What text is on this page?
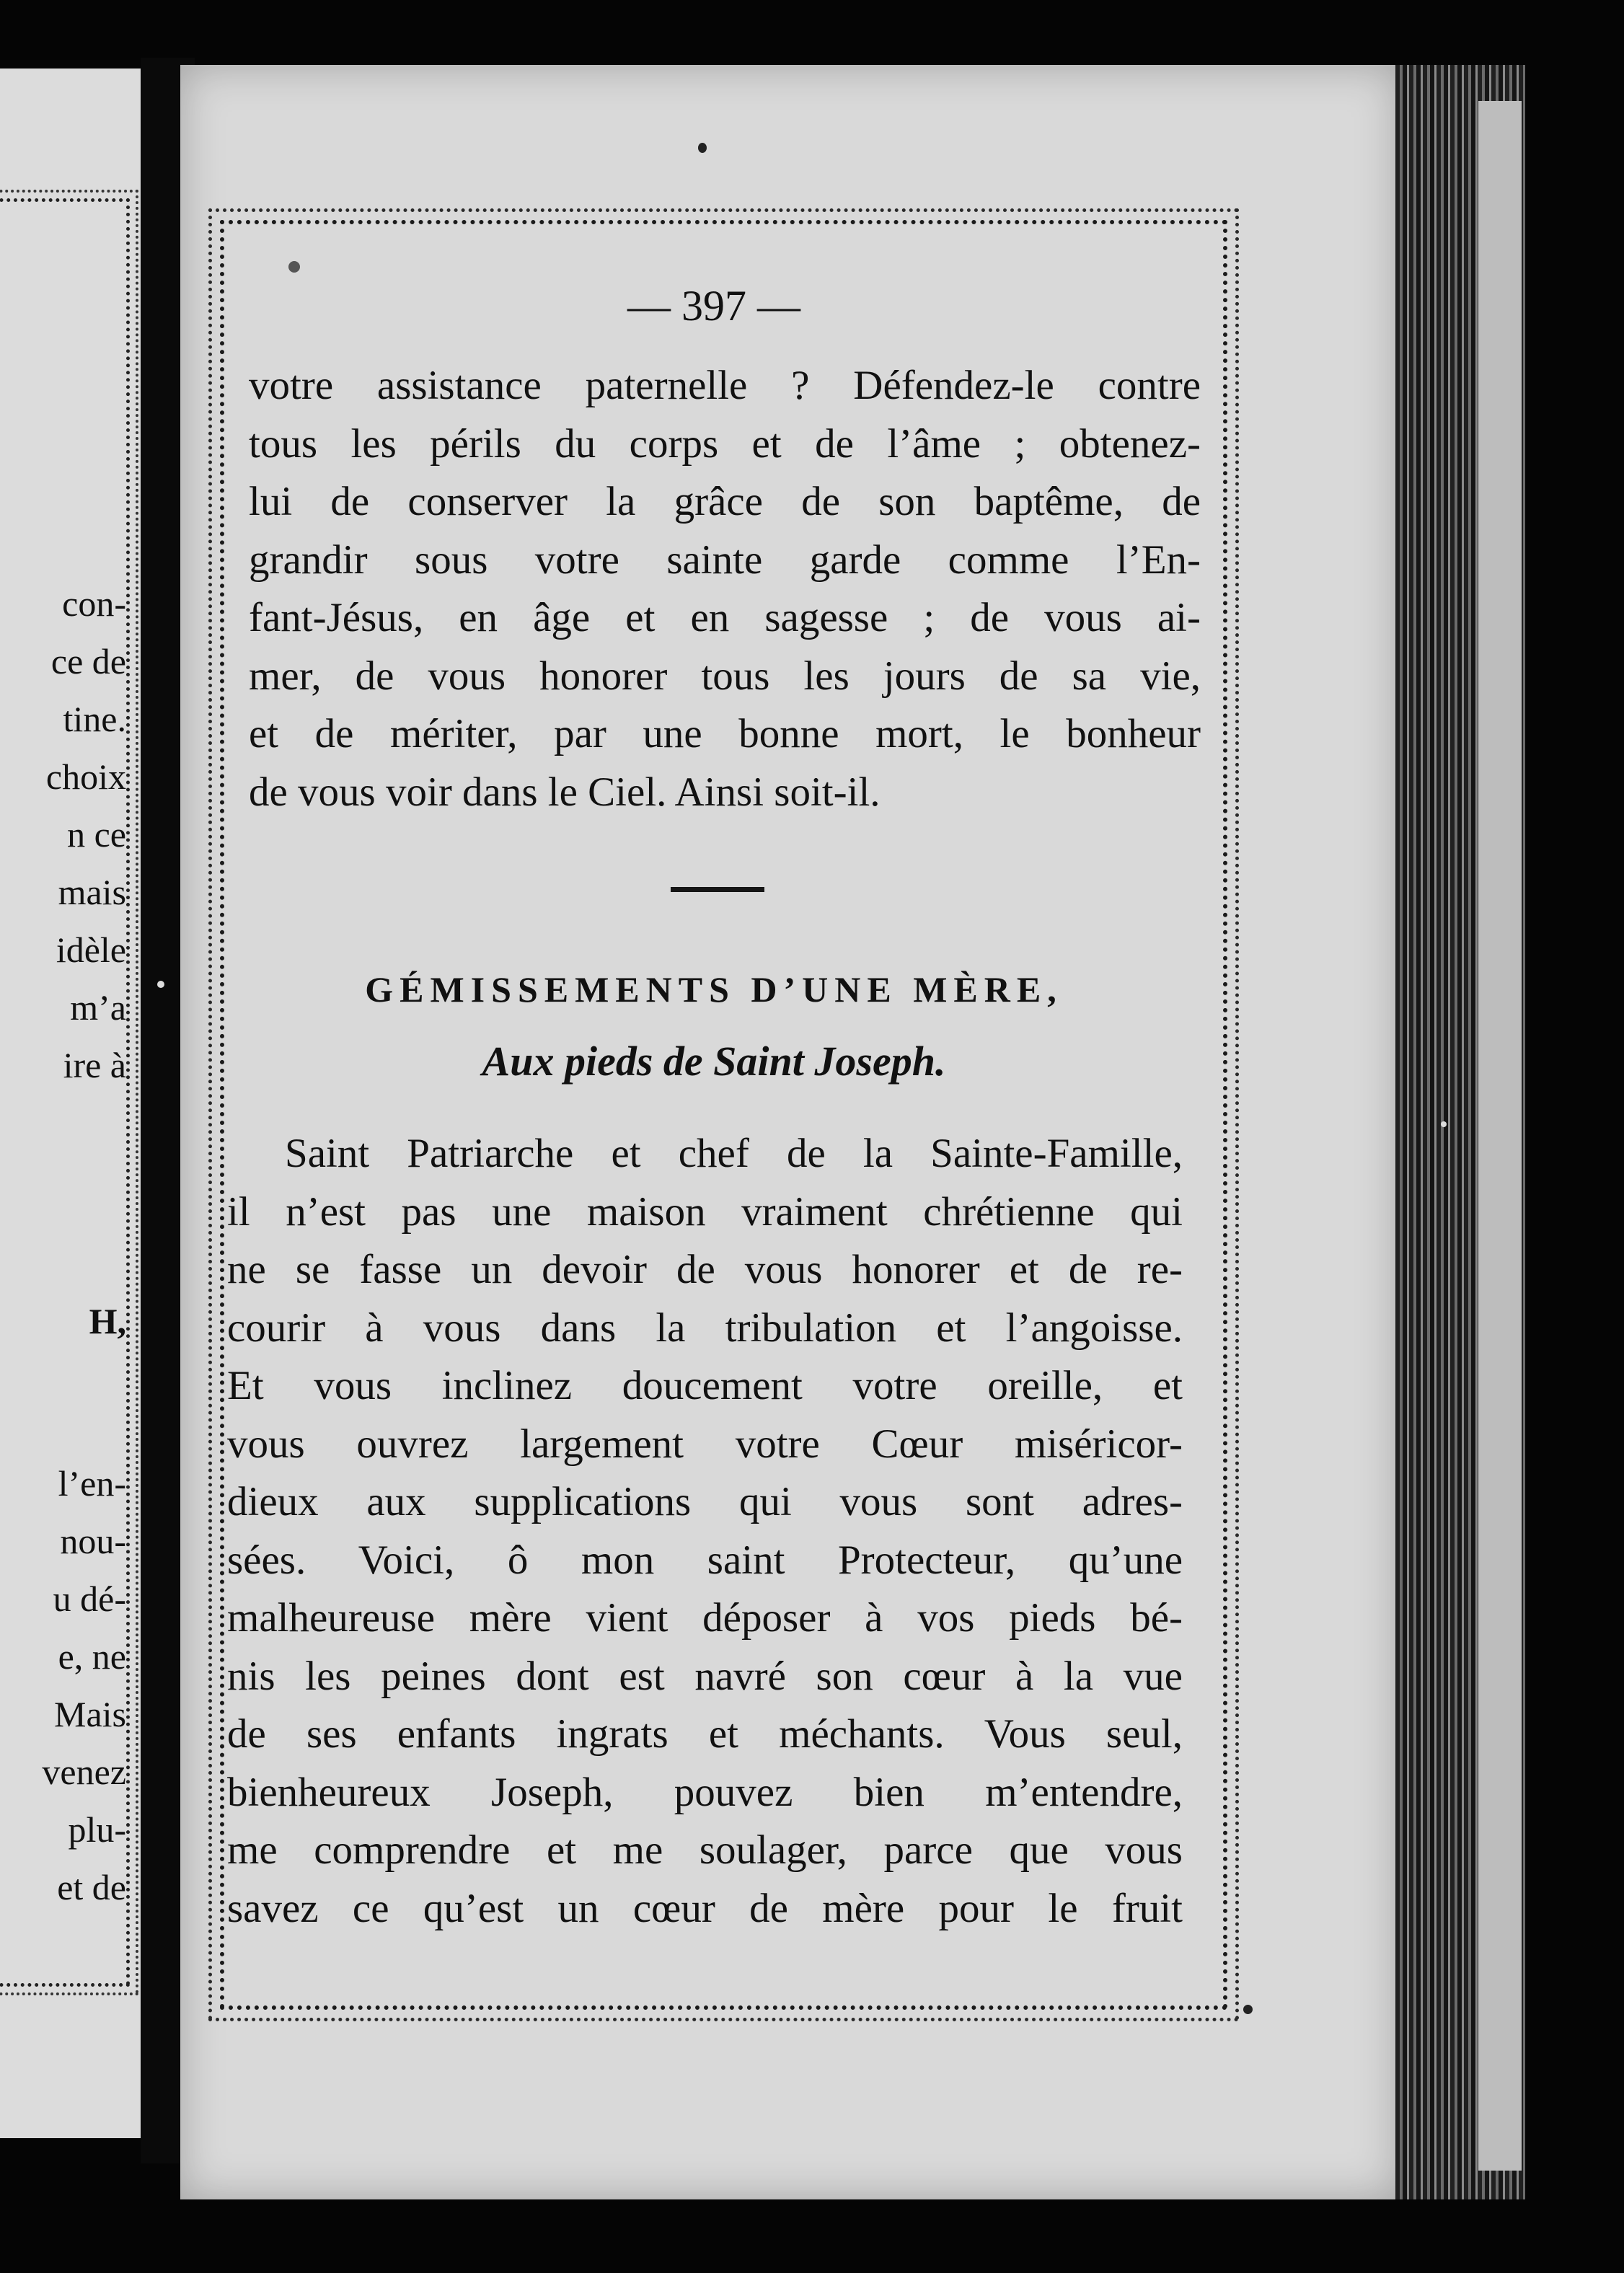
con-
ce de
tine.
choix
n ce
mais
idèle
m’a
ire à
H,
l’en-
nou-
u dé-
e, ne
Mais
venez
plu-
et de
— 397 —
votre assistance paternelle ? Défendez-le contre
tous les périls du corps et de l’âme ; obtenez-
lui de conserver la grâce de son baptême, de
grandir sous votre sainte garde comme l’En-
fant-Jésus, en âge et en sagesse ; de vous ai-
mer, de vous honorer tous les jours de sa vie,
et de mériter, par une bonne mort, le bonheur
de vous voir dans le Ciel. Ainsi soit-il.
GÉMISSEMENTS D’UNE MÈRE,
Aux pieds de Saint Joseph.
Saint Patriarche et chef de la Sainte-Famille,
il n’est pas une maison vraiment chrétienne qui
ne se fasse un devoir de vous honorer et de re-
courir à vous dans la tribulation et l’angoisse.
Et vous inclinez doucement votre oreille, et
vous ouvrez largement votre Cœur miséricor-
dieux aux supplications qui vous sont adres-
sées. Voici, ô mon saint Protecteur, qu’une
malheureuse mère vient déposer à vos pieds bé-
nis les peines dont est navré son cœur à la vue
de ses enfants ingrats et méchants. Vous seul,
bienheureux Joseph, pouvez bien m’entendre,
me comprendre et me soulager, parce que vous
savez ce qu’est un cœur de mère pour le fruit
